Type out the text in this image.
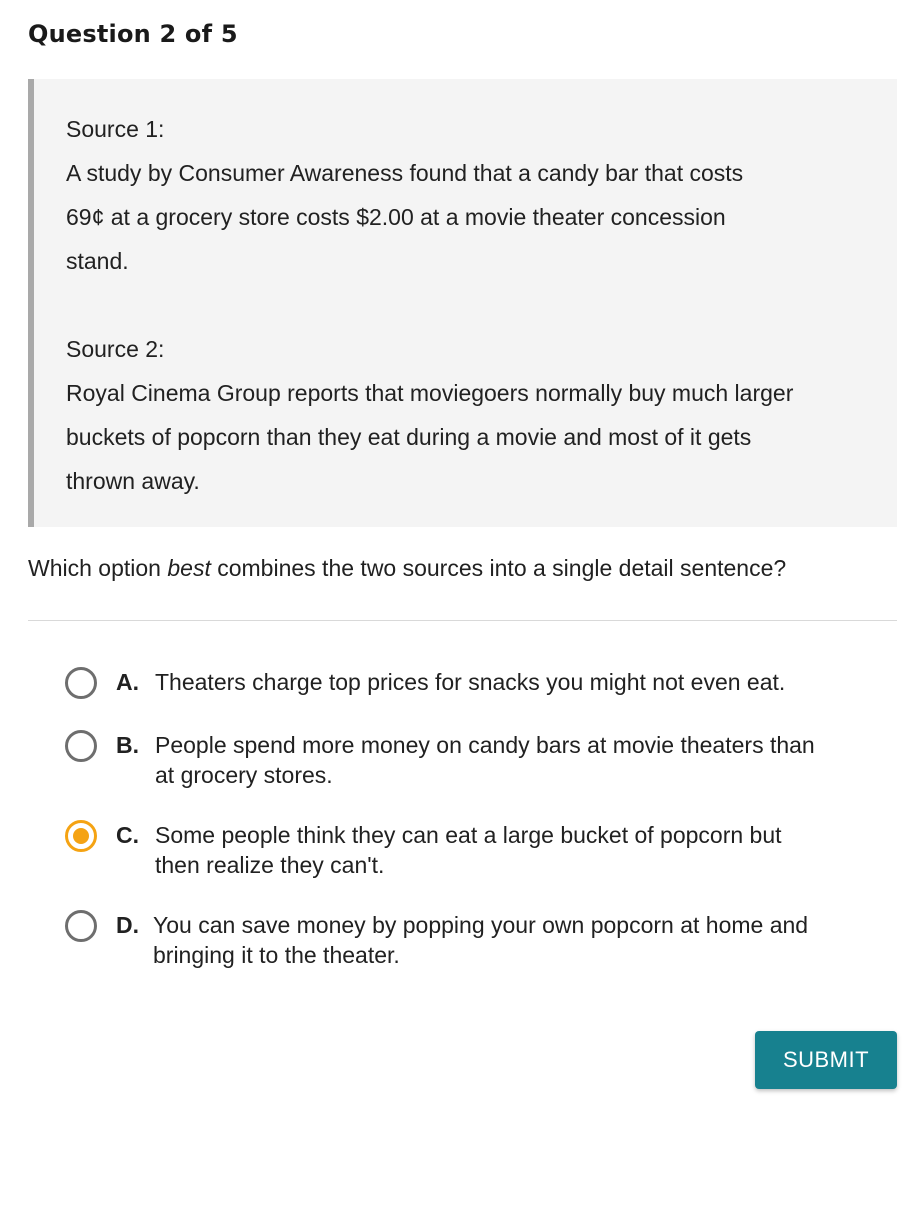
Question 2 of 5
Source 1:
A study by Consumer Awareness found that a candy bar that costs
69¢ at a grocery store costs $2.00 at a movie theater concession
stand.
Source 2:
Royal Cinema Group reports that moviegoers normally buy much larger
buckets of popcorn than they eat during a movie and most of it gets
thrown away.
Which option best combines the two sources into a single detail sentence?
A. Theaters charge top prices for snacks you might not even eat.
B. People spend more money on candy bars at movie theaters than
at grocery stores.
C. Some people think they can eat a large bucket of popcorn but
then realize they can't.
D. You can save money by popping your own popcorn at home and
bringing it to the theater.
SUBMIT
